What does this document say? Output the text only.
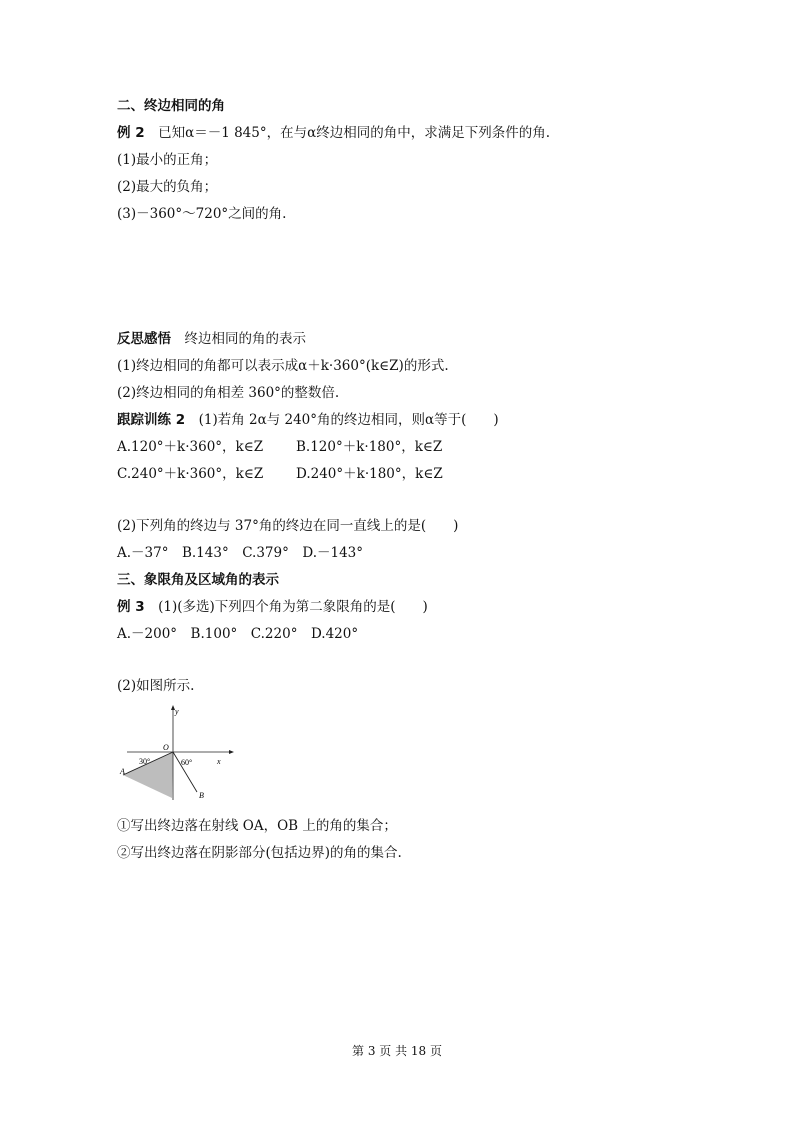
二、终边相同的角
例 2　 已知α＝－1 845°，在与α终边相同的角中，求满足下列条件的角.
(1)最小的正角；
(2)最大的负角；
(3)－360°～720°之间的角.
反思感悟　 终边相同的角的表示
(1)终边相同的角都可以表示成α＋k·360°(k∈Z)的形式.
(2)终边相同的角相差 360°的整数倍.
跟踪训练 2　 (1)若角 2α与 240°角的终边相同，则α等于(　　)
A.120°＋k·360°，k∈Z B.120°＋k·180°，k∈Z
C.240°＋k·360°，k∈Z D.240°＋k·180°，k∈Z
(2)下列角的终边与 37°角的终边在同一直线上的是(　　)
A.－37°　B.143°　C.379°　D.－143°
三、象限角及区域角的表示
例 3　 (1)(多选)下列四个角为第二象限角的是(　　)
A.－200°　B.100°　C.220°　D.420°
(2)如图所示.
y
x
O
30°	60°
A
B
①写出终边落在射线 OA，OB 上的角的集合；
②写出终边落在阴影部分(包括边界)的角的集合.
第 3 页 共 18 页
